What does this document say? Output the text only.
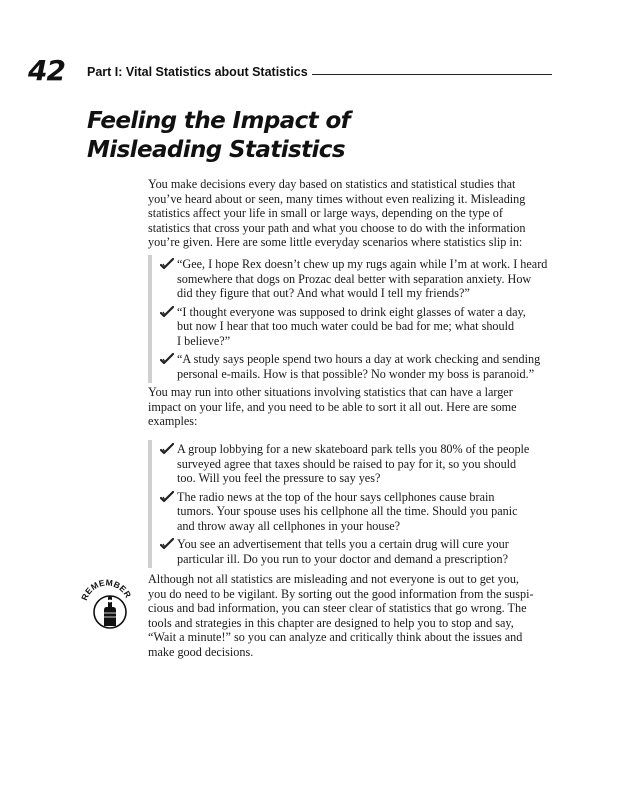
42 Part I: Vital Statistics about Statistics
Feeling the Impact of
Misleading Statistics
You make decisions every day based on statistics and statistical studies that
you’ve heard about or seen, many times without even realizing it. Misleading
statistics affect your life in small or large ways, depending on the type of
statistics that cross your path and what you choose to do with the information
you’re given. Here are some little everyday scenarios where statistics slip in:
“Gee, I hope Rex doesn’t chew up my rugs again while I’m at work. I heard
somewhere that dogs on Prozac deal better with separation anxiety. How
did they figure that out? And what would I tell my friends?”
“I thought everyone was supposed to drink eight glasses of water a day,
but now I hear that too much water could be bad for me; what should
I believe?”
“A study says people spend two hours a day at work checking and sending
personal e-mails. How is that possible? No wonder my boss is paranoid.”
You may run into other situations involving statistics that can have a larger
impact on your life, and you need to be able to sort it all out. Here are some
examples:
A group lobbying for a new skateboard park tells you 80% of the people
surveyed agree that taxes should be raised to pay for it, so you should
too. Will you feel the pressure to say yes?
The radio news at the top of the hour says cellphones cause brain
tumors. Your spouse uses his cellphone all the time. Should you panic
and throw away all cellphones in your house?
You see an advertisement that tells you a certain drug will cure your
particular ill. Do you run to your doctor and demand a prescription?
REMEMBER
Although not all statistics are misleading and not everyone is out to get you,
you do need to be vigilant. By sorting out the good information from the suspi-
cious and bad information, you can steer clear of statistics that go wrong. The
tools and strategies in this chapter are designed to help you to stop and say,
“Wait a minute!” so you can analyze and critically think about the issues and
make good decisions.
